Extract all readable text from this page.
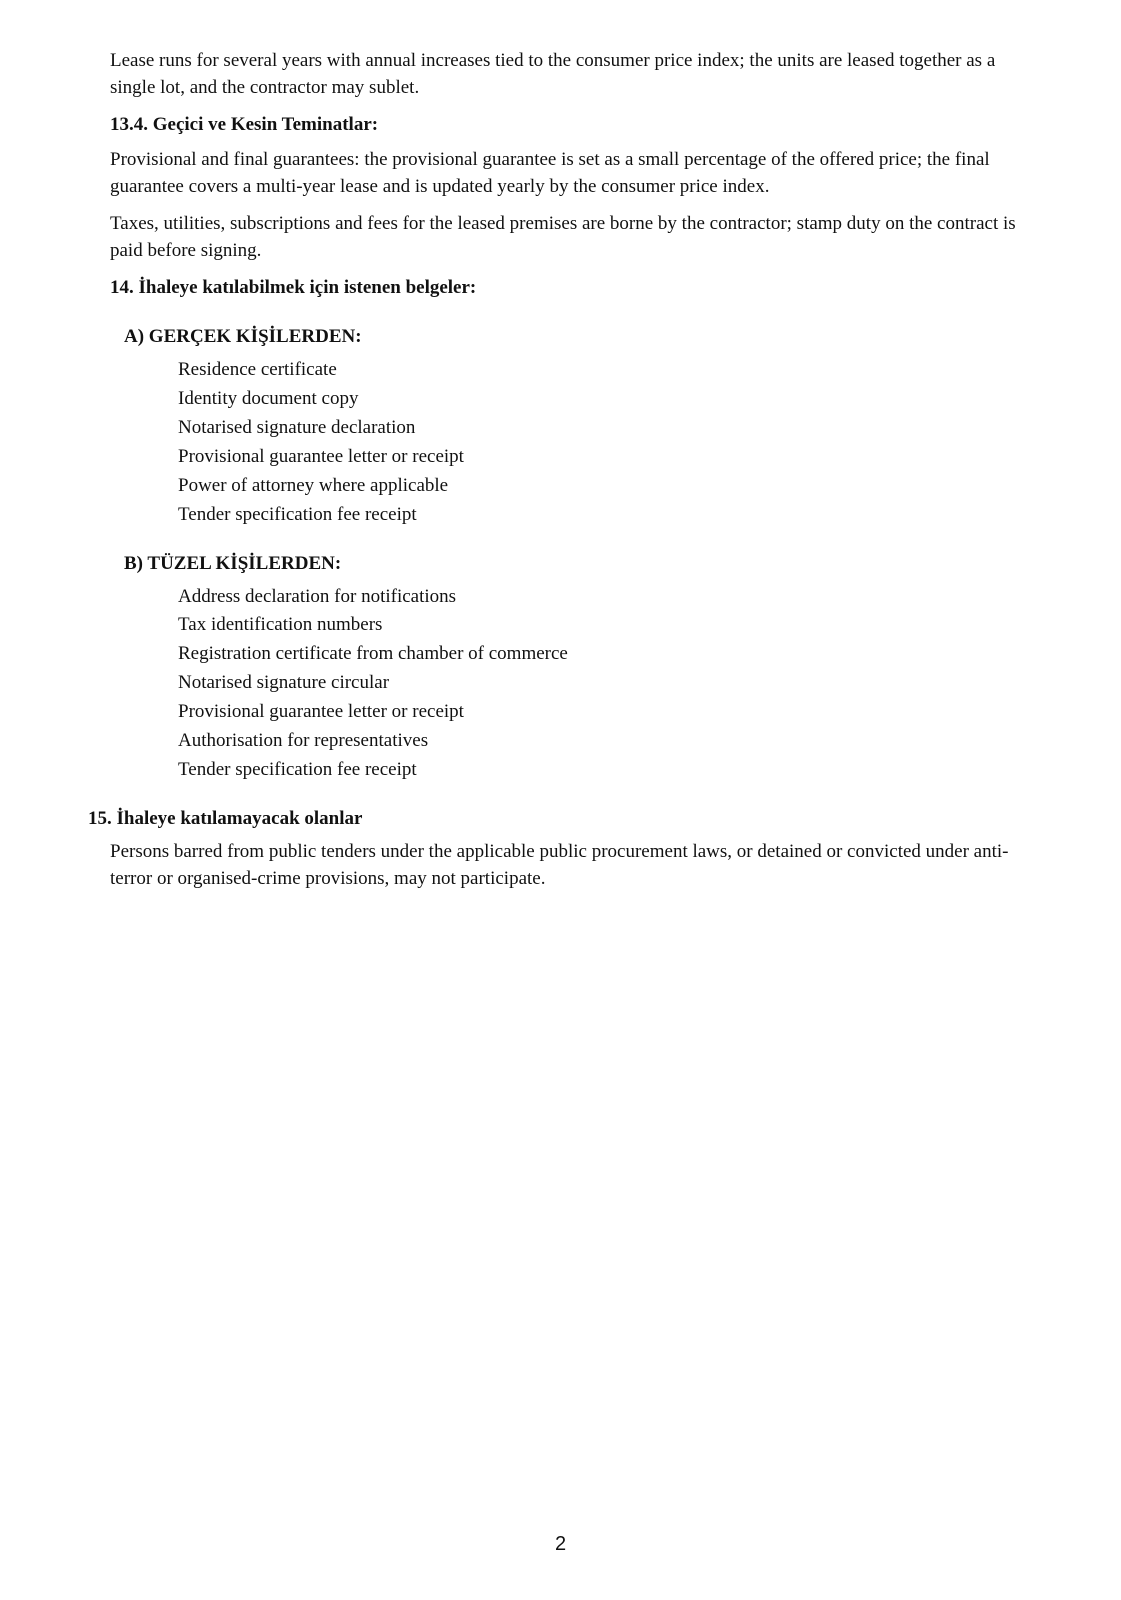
Lease runs for several years with annual increases tied to the consumer price index; the units are leased together as a single lot, and the contractor may sublet.

13.4. Geçici ve Kesin Teminatlar:

Provisional and final guarantees: the provisional guarantee is set as a small percentage of the offered price; the final guarantee covers a multi-year lease and is updated yearly by the consumer price index.

Taxes, utilities, subscriptions and fees for the leased premises are borne by the contractor; stamp duty on the contract is paid before signing.

14. İhaleye katılabilmek için istenen belgeler:

A) GERÇEK KİŞİLERDEN:

Residence certificate
Identity document copy
Notarised signature declaration
Provisional guarantee letter or receipt
Power of attorney where applicable
Tender specification fee receipt

B) TÜZEL KİŞİLERDEN:

Address declaration for notifications
Tax identification numbers
Registration certificate from chamber of commerce
Notarised signature circular
Provisional guarantee letter or receipt
Authorisation for representatives
Tender specification fee receipt

15. İhaleye katılamayacak olanlar

Persons barred from public tenders under the applicable public procurement laws, or detained or convicted under anti-terror or organised-crime provisions, may not participate.

2
